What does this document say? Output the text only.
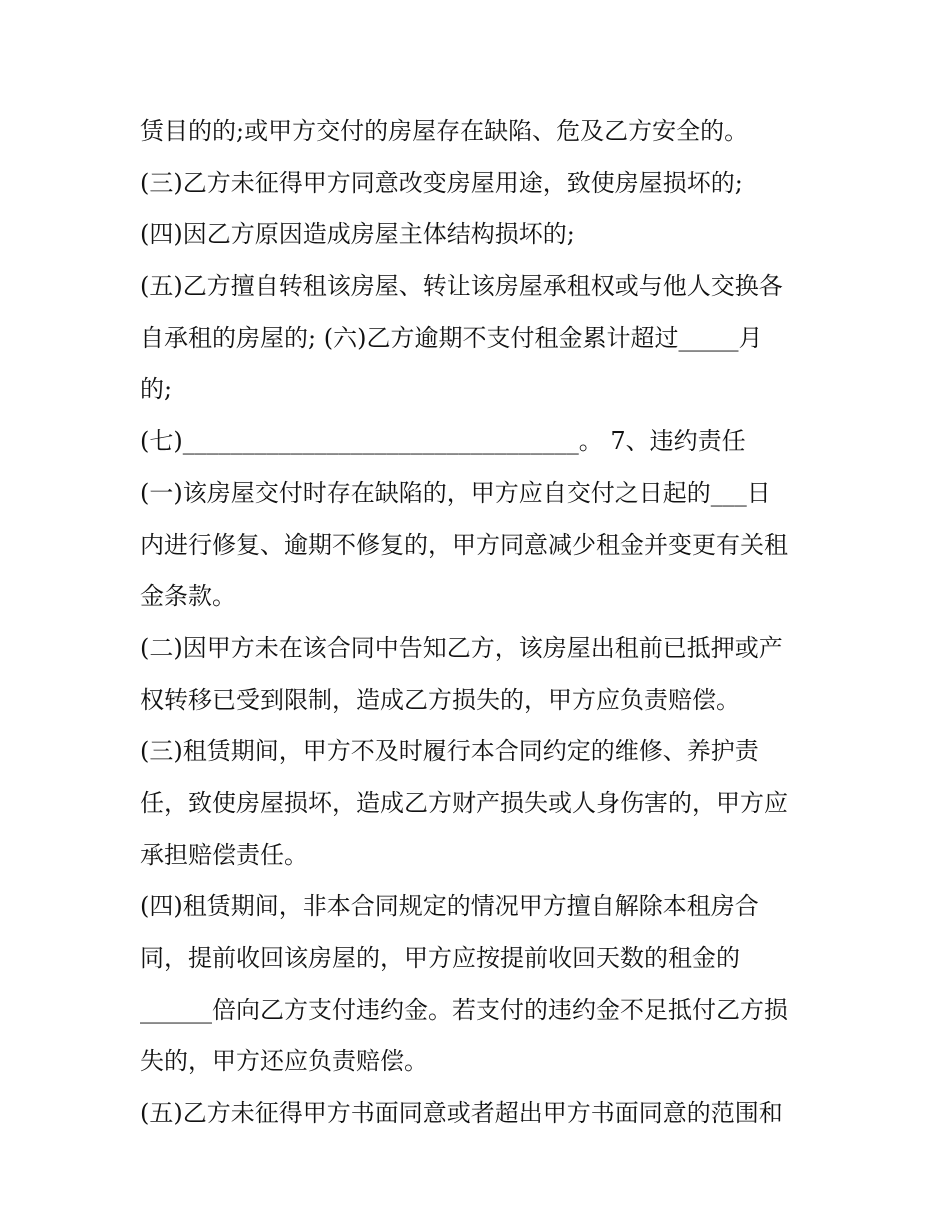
赁目的的;或甲方交付的房屋存在缺陷、危及乙方安全的。

(三)乙方未征得甲方同意改变房屋用途，致使房屋损坏的;

(四)因乙方原因造成房屋主体结构损坏的;

(五)乙方擅自转租该房屋、转让该房屋承租权或与他人交换各

自承租的房屋的; (六)乙方逾期不支付租金累计超过_____月

的;

(七)_________________________________。 7、违约责任

(一)该房屋交付时存在缺陷的，甲方应自交付之日起的___日

内进行修复、逾期不修复的，甲方同意减少租金并变更有关租

金条款。

(二)因甲方未在该合同中告知乙方，该房屋出租前已抵押或产

权转移已受到限制，造成乙方损失的，甲方应负责赔偿。

(三)租赁期间，甲方不及时履行本合同约定的维修、养护责

任，致使房屋损坏，造成乙方财产损失或人身伤害的，甲方应

承担赔偿责任。

(四)租赁期间，非本合同规定的情况甲方擅自解除本租房合

同，提前收回该房屋的，甲方应按提前收回天数的租金的

______倍向乙方支付违约金。若支付的违约金不足抵付乙方损

失的，甲方还应负责赔偿。

(五)乙方未征得甲方书面同意或者超出甲方书面同意的范围和
